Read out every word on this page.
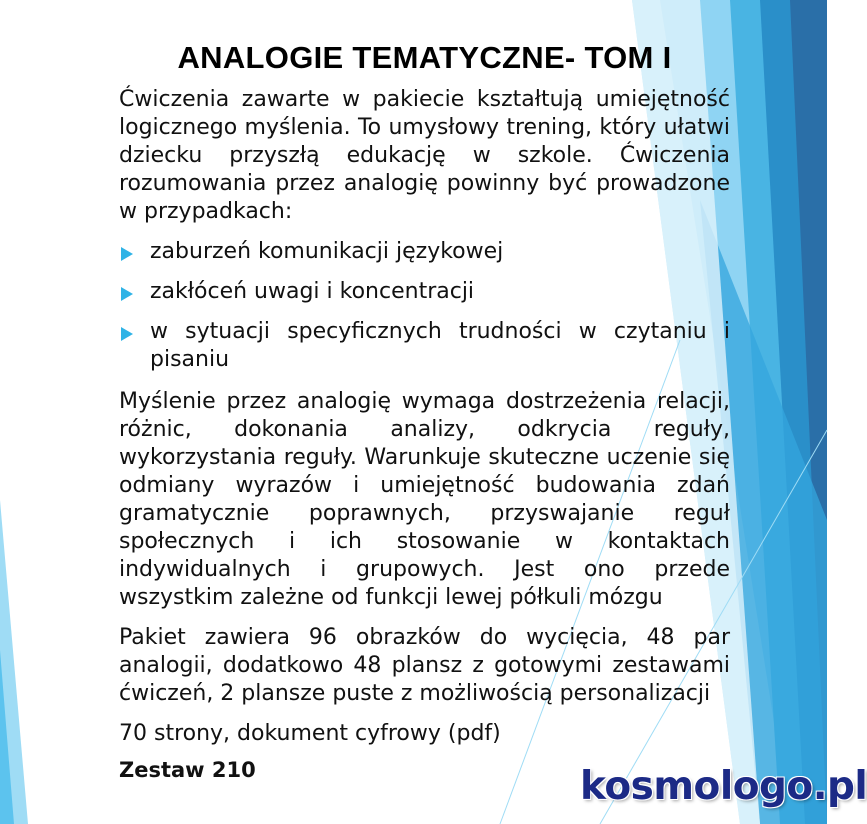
ANALOGIE TEMATYCZNE- TOM I

Ćwiczenia zawarte w pakiecie kształtują umiejętność logicznego myślenia. To umysłowy trening, który ułatwi dziecku przyszłą edukację w szkole. Ćwiczenia rozumowania przez analogię powinny być prowadzone w przypadkach:

zaburzeń komunikacji językowej
zakłóceń uwagi i koncentracji
w sytuacji specyficznych trudności w czytaniu i pisaniu

Myślenie przez analogię wymaga dostrzeżenia relacji, różnic, dokonania analizy, odkrycia reguły, wykorzystania reguły. Warunkuje skuteczne uczenie się odmiany wyrazów i umiejętność budowania zdań gramatycznie poprawnych, przyswajanie reguł społecznych i ich stosowanie w kontaktach indywidualnych i grupowych. Jest ono przede wszystkim zależne od funkcji lewej półkuli mózgu

Pakiet zawiera 96 obrazków do wycięcia, 48 par analogii, dodatkowo 48 plansz z gotowymi zestawami ćwiczeń, 2 plansze puste z możliwością personalizacji

70 strony, dokument cyfrowy (pdf)

Zestaw 210	kosmologo.pl
